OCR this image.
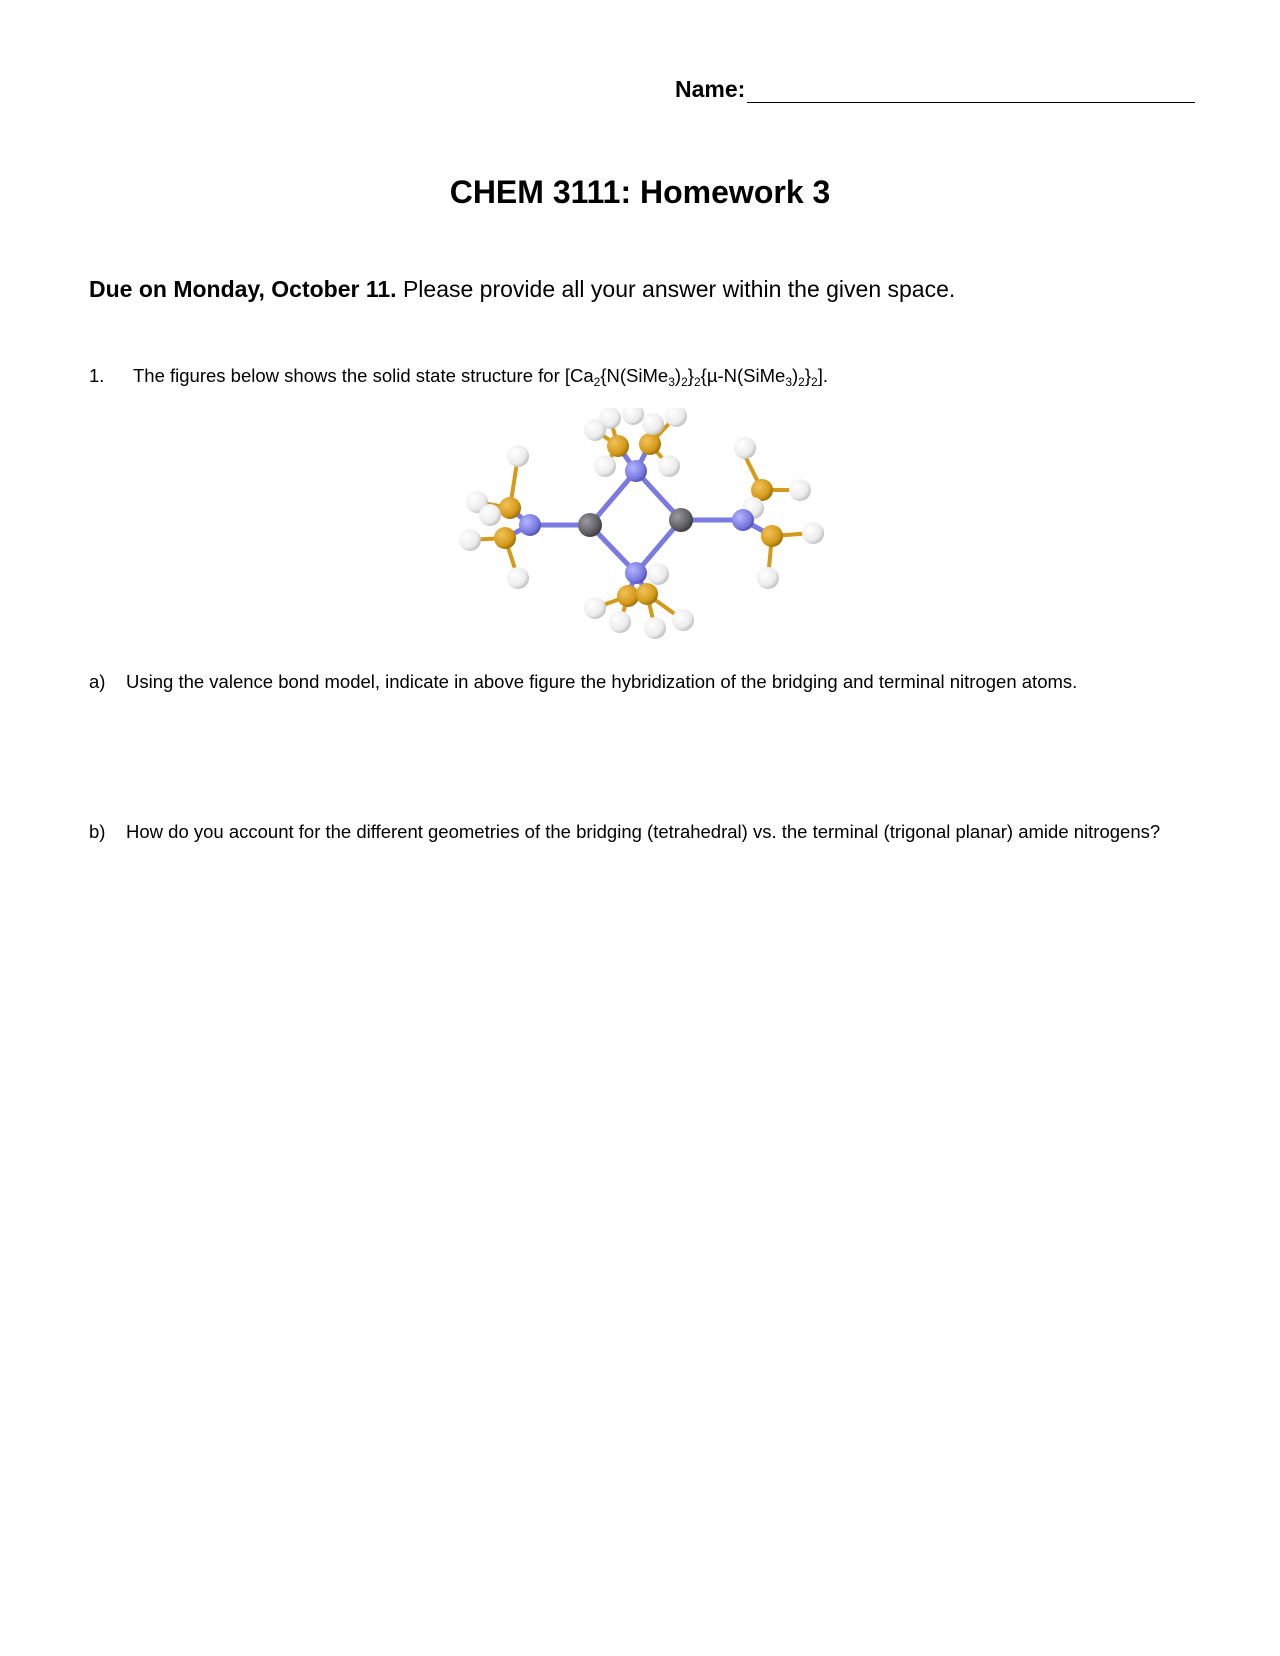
Name:
CHEM 3111: Homework 3
Due on Monday, October 11. Please provide all your answer within the given space.
1. The figures below shows the solid state structure for $[Ca_2\{N(SiMe_3)_2\}_2\{\mu-N(SiMe_3)_2\}_2]$.
a) Using the valence bond model, indicate in above figure the hybridization of the bridging and terminal nitrogen atoms.
b) How do you account for the different geometries of the bridging (tetrahedral) vs. the terminal (trigonal planar) amide nitrogens?
